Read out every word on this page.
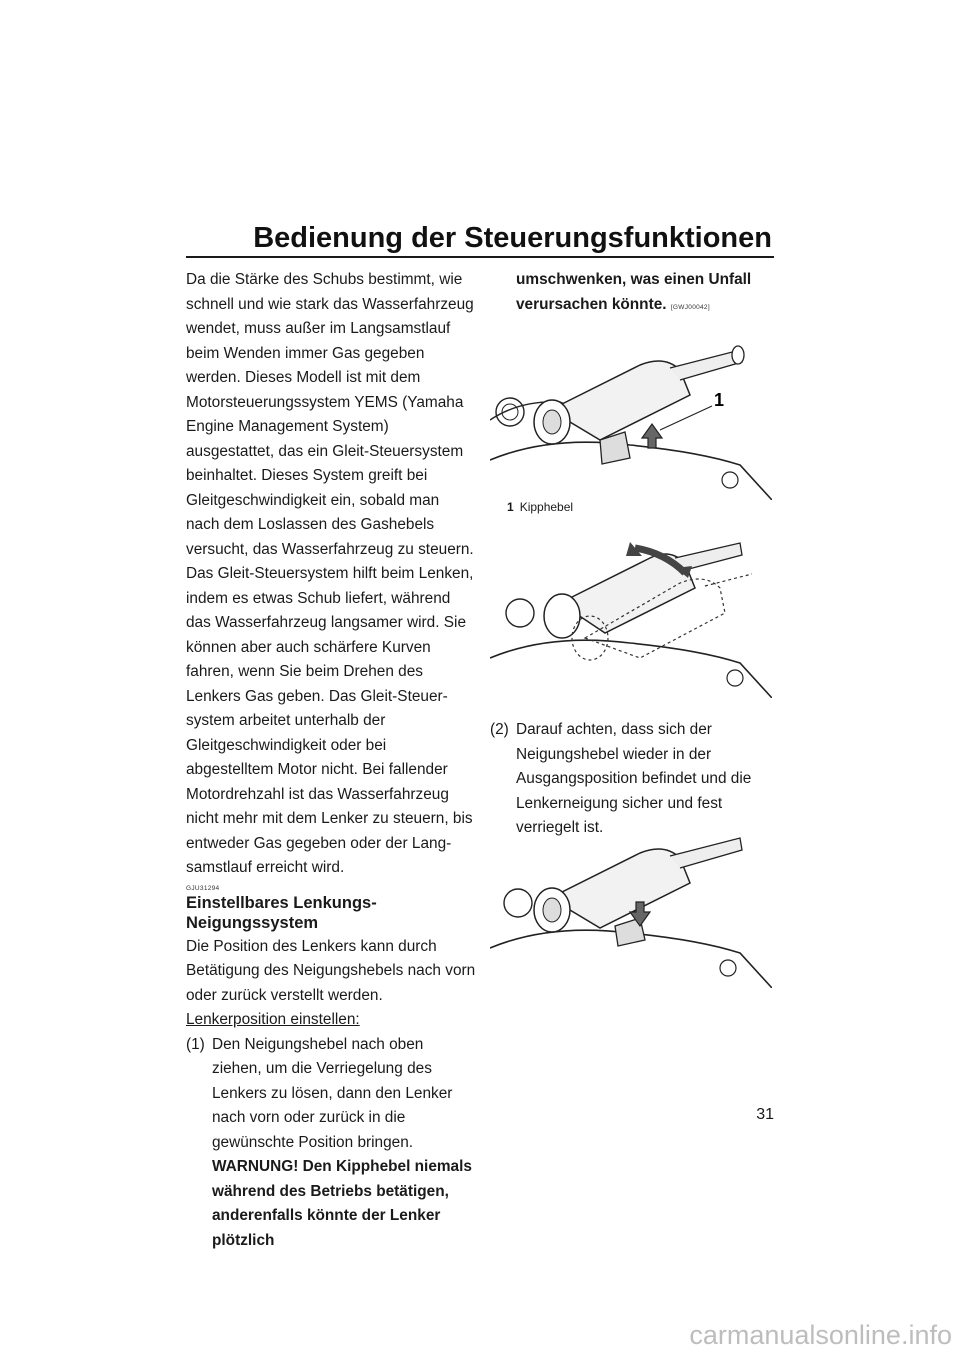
Bedienung der Steuerungsfunktionen

Da die Stärke des Schubs bestimmt, wie schnell und wie stark das Wasserfahrzeug wendet, muss außer im Langsamstlauf beim Wenden immer Gas gegeben werden. Dieses Modell ist mit dem Motorsteuerungssystem YEMS (Yamaha Engine Management System) ausgestattet, das ein Gleit-Steuersystem beinhaltet. Dieses System greift bei Gleitgeschwindigkeit ein, sobald man nach dem Loslassen des Gashebels versucht, das Wasserfahrzeug zu steuern. Das Gleit-Steuersystem hilft beim Lenken, indem es etwas Schub liefert, während das Wasserfahrzeug langsamer wird. Sie können aber auch schärfere Kurven fahren, wenn Sie beim Drehen des Lenkers Gas geben. Das Gleit-Steuersystem arbeitet unterhalb der Gleitgeschwindigkeit oder bei abgestelltem Motor nicht. Bei fallender Motordrehzahl ist das Wasserfahrzeug nicht mehr mit dem Lenker zu steuern, bis entweder Gas gegeben oder der Langsamstlauf erreicht wird.

GJU31294

Einstellbares Lenkungs-Neigungssystem

Die Position des Lenkers kann durch Betätigung des Neigungshebels nach vorn oder zurück verstellt werden.

Lenkerposition einstellen:

(1) Den Neigungshebel nach oben ziehen, um die Verriegelung des Lenkers zu lösen, dann den Lenker nach vorn oder zurück in die gewünschte Position bringen.

WARNUNG! Den Kipphebel niemals während des Betriebs betätigen, anderenfalls könnte der Lenker plötzlich

umschwenken, was einen Unfall verursachen könnte. [GWJ00042]
1
1 Kipphebel
(2) Darauf achten, dass sich der Neigungshebel wieder in der Ausgangsposition befindet und die Lenkerneigung sicher und fest verriegelt ist.
31
carmanualsonline.info
